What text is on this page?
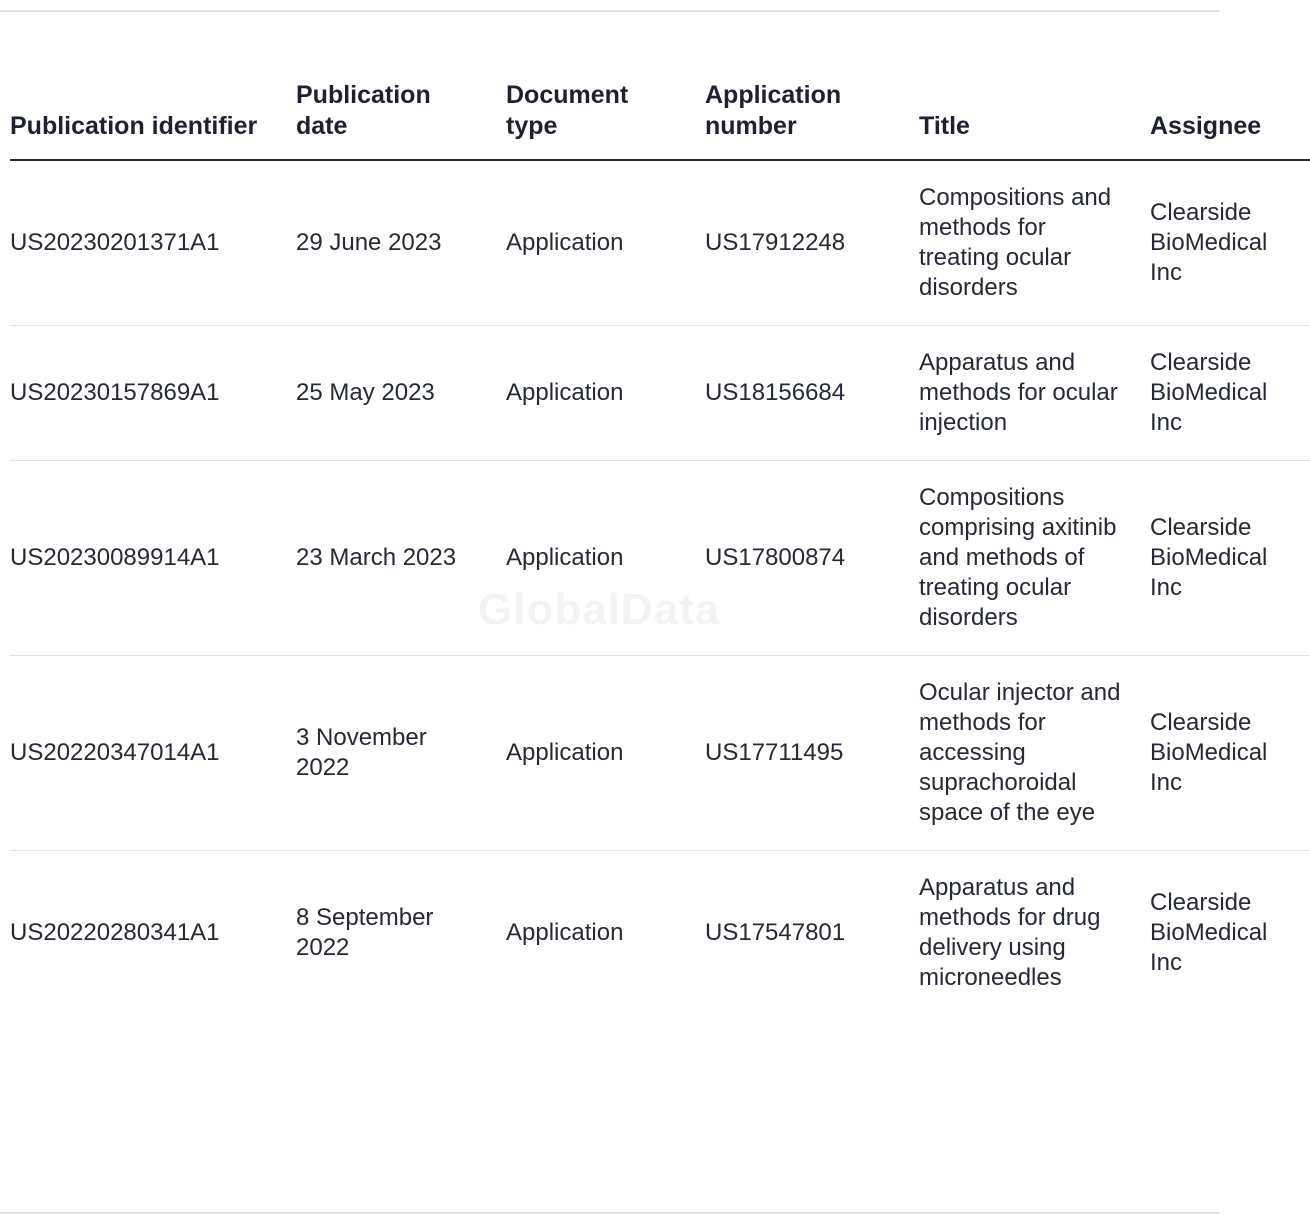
GlobalData
Publication identifier	Publication date	Document type	Application number	Title	Assignee
US20230201371A1	29 June 2023	Application	US17912248	Compositions and methods for treating ocular disorders	Clearside BioMedical Inc
US20230157869A1	25 May 2023	Application	US18156684	Apparatus and methods for ocular injection	Clearside BioMedical Inc
US20230089914A1	23 March 2023	Application	US17800874	Compositions comprising axitinib and methods of treating ocular disorders	Clearside BioMedical Inc
US20220347014A1	3 November 2022	Application	US17711495	Ocular injector and methods for accessing suprachoroidal space of the eye	Clearside BioMedical Inc
US20220280341A1	8 September 2022	Application	US17547801	Apparatus and methods for drug delivery using microneedles	Clearside BioMedical Inc
